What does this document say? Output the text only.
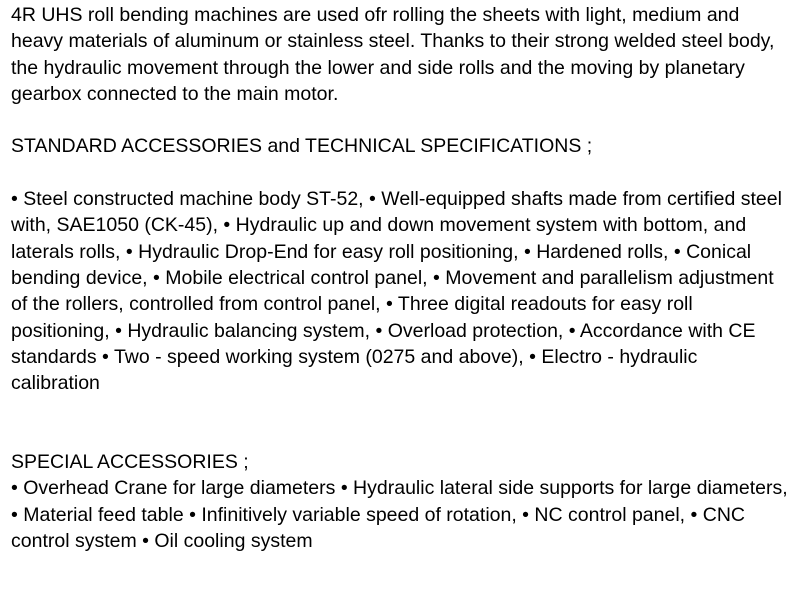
4R UHS roll bending machines are used ofr rolling the sheets with light, medium and heavy materials of aluminum or stainless steel. Thanks to their strong welded steel body, the hydraulic movement through the lower and side rolls and the moving by planetary gearbox connected to the main motor.

STANDARD ACCESSORIES and TECHNICAL SPECIFICATIONS ;

• Steel constructed machine body ST-52, • Well-equipped shafts made from certified steel with, SAE1050 (CK-45), • Hydraulic up and down movement system with bottom, and laterals rolls, • Hydraulic Drop-End for easy roll positioning, • Hardened rolls, • Conical bending device, • Mobile electrical control panel, • Movement and parallelism adjustment of the rollers, controlled from control panel, • Three digital readouts for easy roll positioning, • Hydraulic balancing system, • Overload protection, • Accordance with CE standards • Two - speed working system (0275 and above), • Electro - hydraulic calibration

SPECIAL ACCESSORIES ;

• Overhead Crane for large diameters • Hydraulic lateral side supports for large diameters, • Material feed table • Infinitively variable speed of rotation, • NC control panel, • CNC control system • Oil cooling system
